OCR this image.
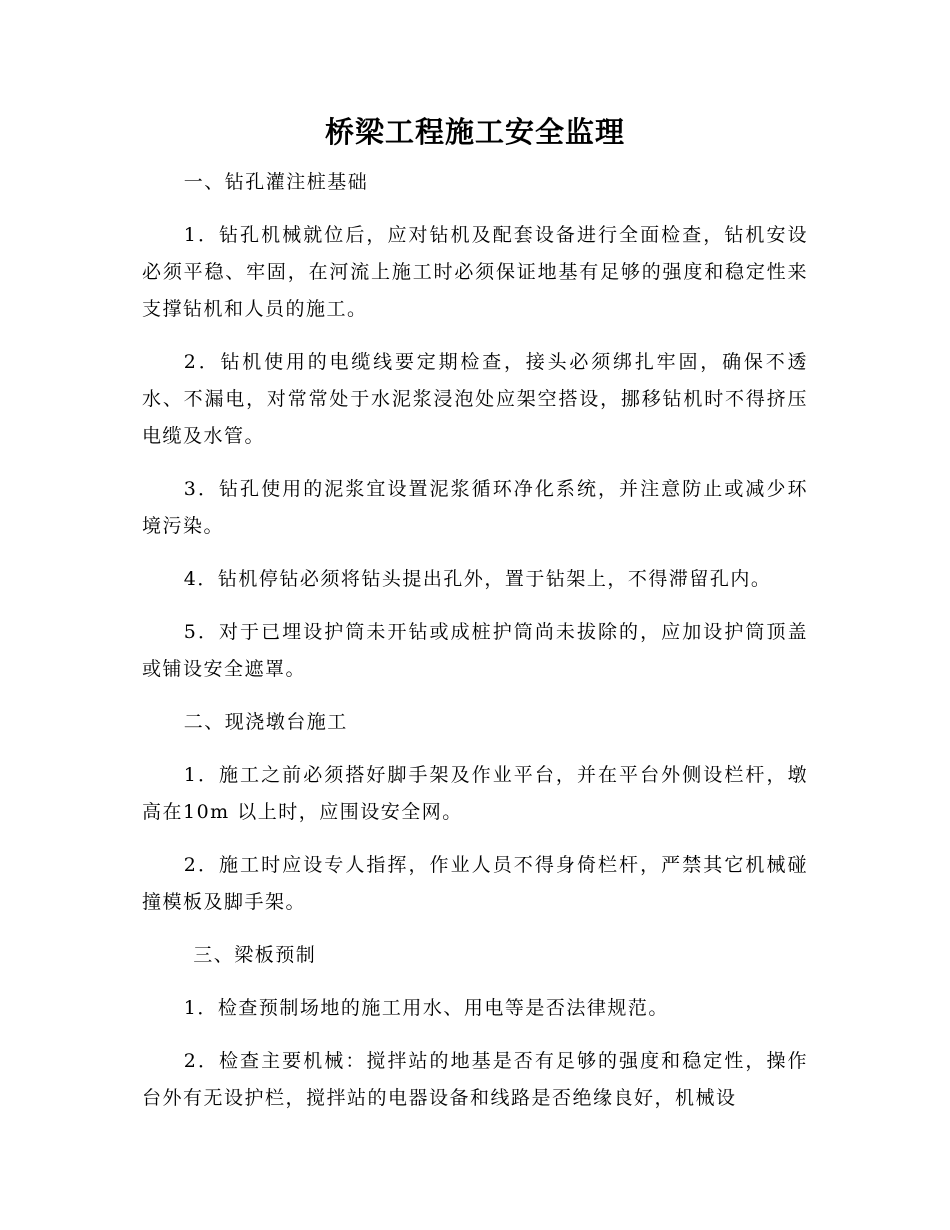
桥梁工程施工安全监理
一、钻孔灌注桩基础

1．钻孔机械就位后，应对钻机及配套设备进行全面检查，钻机安设必须平稳、牢固，在河流上施工时必须保证地基有足够的强度和稳定性来支撑钻机和人员的施工。

2．钻机使用的电缆线要定期检查，接头必须绑扎牢固，确保不透水、不漏电，对常常处于水泥浆浸泡处应架空搭设，挪移钻机时不得挤压电缆及水管。

3．钻孔使用的泥浆宜设置泥浆循环净化系统，并注意防止或减少环境污染。

4．钻机停钻必须将钻头提出孔外，置于钻架上，不得滞留孔内。

5．对于已埋设护筒未开钻或成桩护筒尚未拔除的，应加设护筒顶盖或铺设安全遮罩。

二、现浇墩台施工

1．施工之前必须搭好脚手架及作业平台，并在平台外侧设栏杆，墩高在10m 以上时，应围设安全网。

2．施工时应设专人指挥，作业人员不得身倚栏杆，严禁其它机械碰撞模板及脚手架。

三、梁板预制

1．检查预制场地的施工用水、用电等是否法律规范。

2．检查主要机械：搅拌站的地基是否有足够的强度和稳定性，操作台外有无设护栏，搅拌站的电器设备和线路是否绝缘良好，机械设
